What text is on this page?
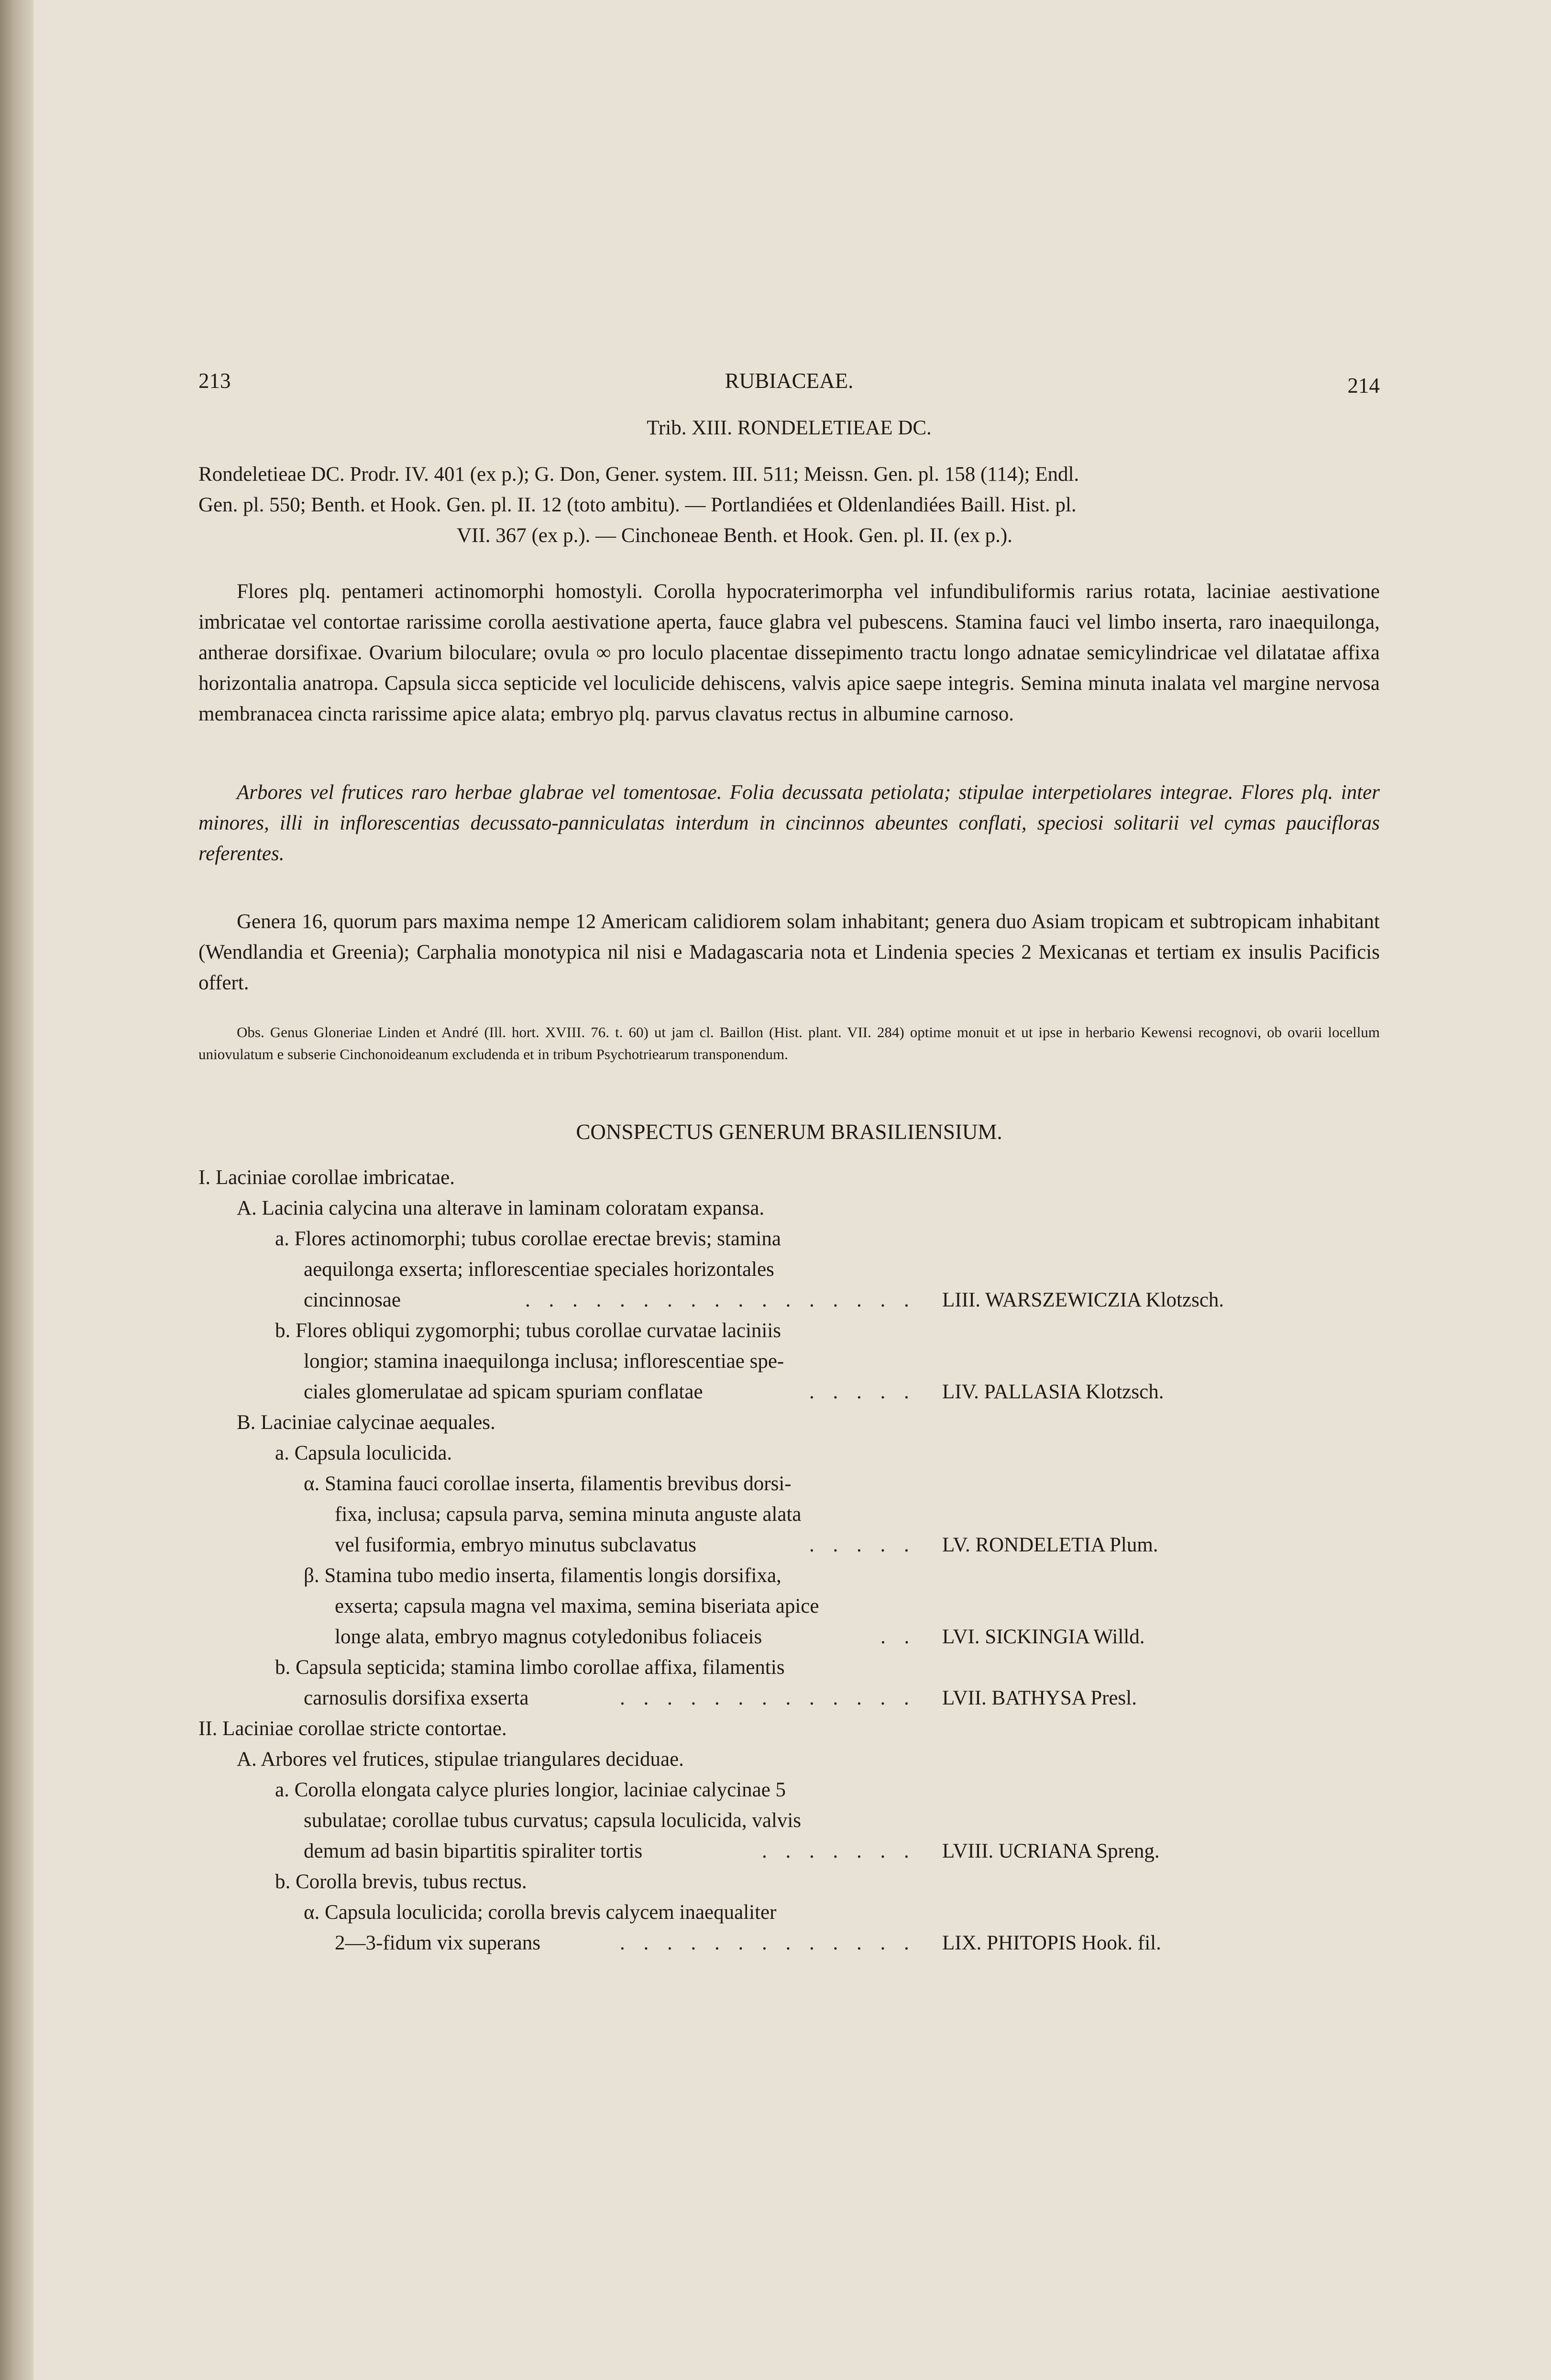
213	RUBIACEAE.	214
Trib. XIII. RONDELETIEAE DC.
Rondeletieae DC. Prodr. IV. 401 (ex p.); G. Don, Gener. system. III. 511; Meissn. Gen. pl. 158 (114); Endl.
Gen. pl. 550; Benth. et Hook. Gen. pl. II. 12 (toto ambitu). — Portlandiées et Oldenlandiées Baill. Hist. pl.
VII. 367 (ex p.). — Cinchoneae Benth. et Hook. Gen. pl. II. (ex p.).
Flores plq. pentameri actinomorphi homostyli. Corolla hypocraterimorpha vel infundibuliformis rarius rotata, laciniae aestivatione imbricatae vel contortae rarissime corolla aestivatione aperta, fauce glabra vel pubescens. Stamina fauci vel limbo inserta, raro inaequilonga, antherae dorsifixae. Ovarium biloculare; ovula ∞ pro loculo placentae dissepimento tractu longo adnatae semicylindricae vel dilatatae affixa horizontalia anatropa. Capsula sicca septicide vel loculicide dehiscens, valvis apice saepe integris. Semina minuta inalata vel margine nervosa membranacea cincta rarissime apice alata; embryo plq. parvus clavatus rectus in albumine carnoso.
Arbores vel frutices raro herbae glabrae vel tomentosae. Folia decussata petiolata; stipulae interpetiolares integrae. Flores plq. inter minores, illi in inflorescentias decussato-panniculatas interdum in cincinnos abeuntes conflati, speciosi solitarii vel cymas paucifloras referentes.
Genera 16, quorum pars maxima nempe 12 Americam calidiorem solam inhabitant; genera duo Asiam tropicam et subtropicam inhabitant (Wendlandia et Greenia); Carphalia monotypica nil nisi e Madagascaria nota et Lindenia species 2 Mexicanas et tertiam ex insulis Pacificis offert.
Obs. Genus Gloneriae Linden et André (Ill. hort. XVIII. 76. t. 60) ut jam cl. Baillon (Hist. plant. VII. 284) optime monuit et ut ipse in herbario Kewensi recognovi, ob ovarii locellum uniovulatum e subserie Cinchonoideanum excludenda et in tribum Psychotriearum transponendum.
CONSPECTUS GENERUM BRASILIENSIUM.
I. Laciniae corollae imbricatae.
A. Lacinia calycina una alterave in laminam coloratam expansa.
a. Flores actinomorphi; tubus corollae erectae brevis; stamina
aequilonga exserta; inflorescentiae speciales horizontales
cincinnosae	. . . . . . . . . . . . . . . . . LIII. WARSZEWICZIA Klotzsch.
b. Flores obliqui zygomorphi; tubus corollae curvatae laciniis
longior; stamina inaequilonga inclusa; inflorescentiae spe-
ciales glomerulatae ad spicam spuriam conflatae	. . . . . LIV. PALLASIA Klotzsch.
B. Laciniae calycinae aequales.
a. Capsula loculicida.
α. Stamina fauci corollae inserta, filamentis brevibus dorsi-
fixa, inclusa; capsula parva, semina minuta anguste alata
vel fusiformia, embryo minutus subclavatus	. . . . . LV. RONDELETIA Plum.
β. Stamina tubo medio inserta, filamentis longis dorsifixa,
exserta; capsula magna vel maxima, semina biseriata apice
longe alata, embryo magnus cotyledonibus foliaceis	. . LVI. SICKINGIA Willd.
b. Capsula septicida; stamina limbo corollae affixa, filamentis
carnosulis dorsifixa exserta	. . . . . . . . . . . . . LVII. BATHYSA Presl.
II. Laciniae corollae stricte contortae.
A. Arbores vel frutices, stipulae triangulares deciduae.
a. Corolla elongata calyce pluries longior, laciniae calycinae 5
subulatae; corollae tubus curvatus; capsula loculicida, valvis
demum ad basin bipartitis spiraliter tortis	. . . . . . . LVIII. UCRIANA Spreng.
b. Corolla brevis, tubus rectus.
α. Capsula loculicida; corolla brevis calycem inaequaliter
2—3-fidum vix superans	. . . . . . . . . . . . . LIX. PHITOPIS Hook. fil.
